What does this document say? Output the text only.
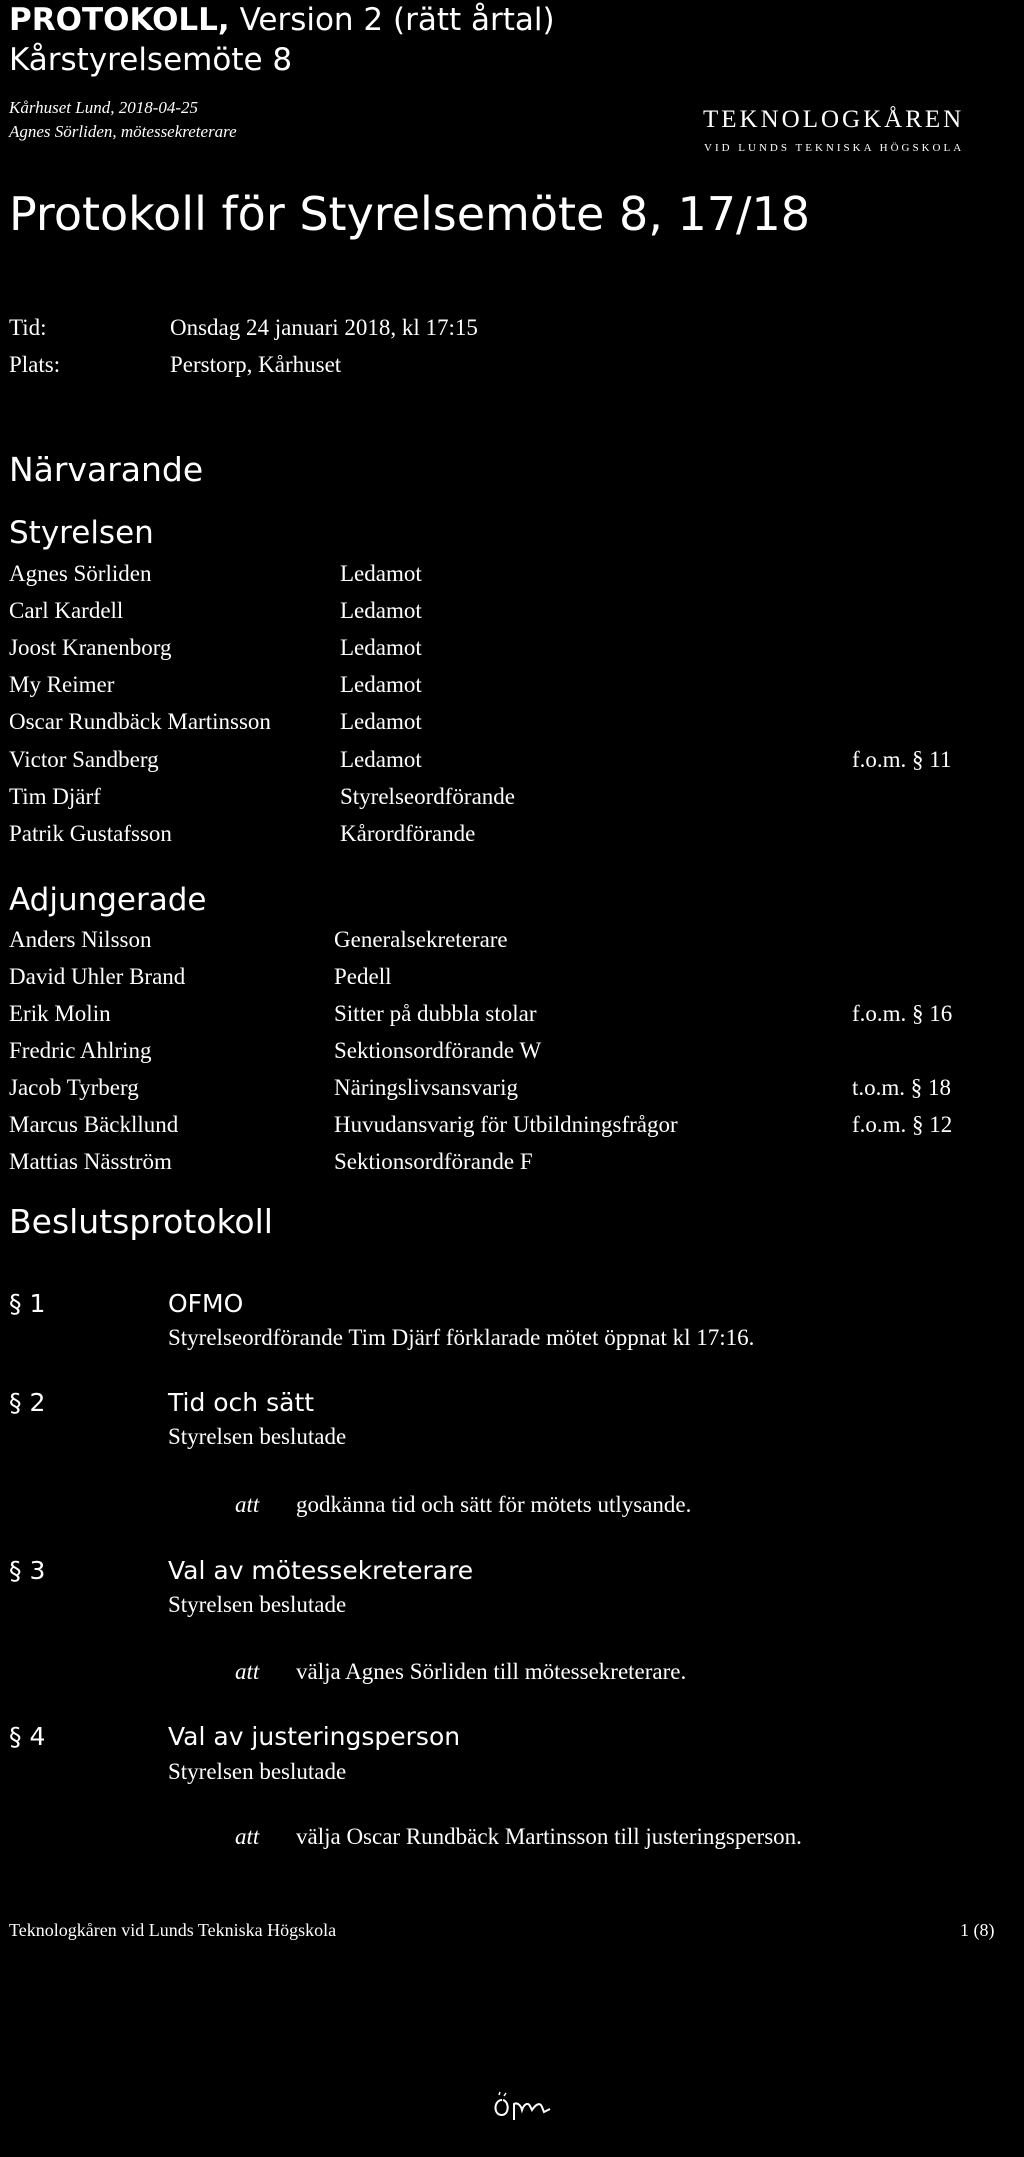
PROTOKOLL, Version 2 (rätt årtal)
Kårstyrelsemöte 8
Kårhuset Lund, 2018-04-25
Agnes Sörliden, mötessekreterare	TEKNOLOGKÅREN
VID LUNDS TEKNISKA HÖGSKOLA
Protokoll för Styrelsemöte 8, 17/18
Tid:	Onsdag 24 januari 2018, kl 17:15
Plats:	Perstorp, Kårhuset
Närvarande
Styrelsen
Agnes Sörliden	Ledamot
Carl Kardell	Ledamot
Joost Kranenborg	Ledamot
My Reimer	Ledamot
Oscar Rundbäck Martinsson	Ledamot
Victor Sandberg	Ledamot	f.o.m. § 11
Tim Djärf	Styrelseordförande
Patrik Gustafsson	Kårordförande
Adjungerade
Anders Nilsson	Generalsekreterare
David Uhler Brand	Pedell
Erik Molin	Sitter på dubbla stolar	f.o.m. § 16
Fredric Ahlring	Sektionsordförande W
Jacob Tyrberg	Näringslivsansvarig	t.o.m. § 18
Marcus Bäckllund	Huvudansvarig för Utbildningsfrågor	f.o.m. § 12
Mattias Näsström	Sektionsordförande F
Beslutsprotokoll
§ 1	OFMO
Styrelseordförande Tim Djärf förklarade mötet öppnat kl 17:16.
§ 2	Tid och sätt
Styrelsen beslutade
att godkänna tid och sätt för mötets utlysande.
§ 3	Val av mötessekreterare
Styrelsen beslutade
att välja Agnes Sörliden till mötessekreterare.
§ 4	Val av justeringsperson
Styrelsen beslutade
att välja Oscar Rundbäck Martinsson till justeringsperson.
Teknologkåren vid Lunds Tekniska Högskola	1 (8)
